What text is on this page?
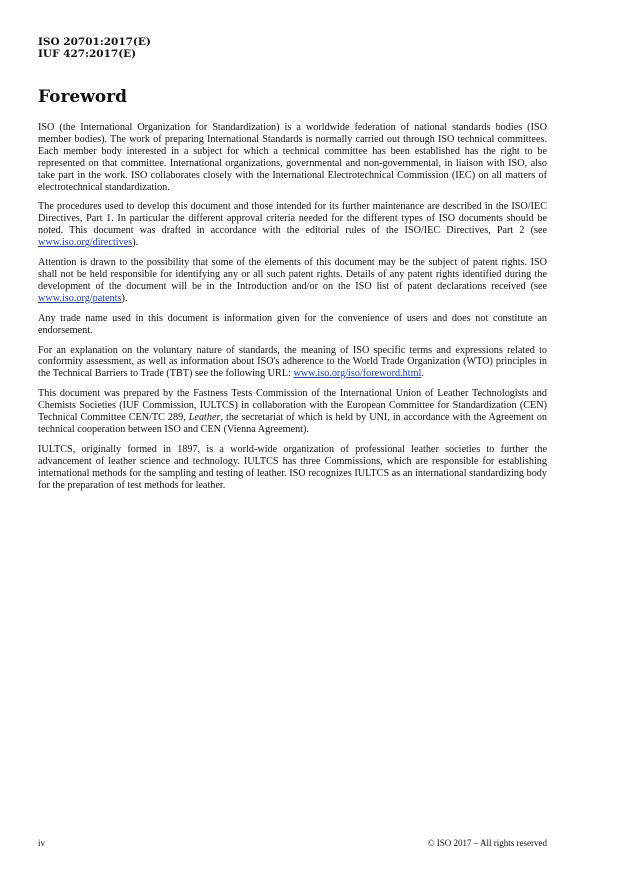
ISO 20701:2017(E)
IUF 427:2017(E)
Foreword

ISO (the International Organization for Standardization) is a worldwide federation of national standards bodies (ISO member bodies). The work of preparing International Standards is normally carried out through ISO technical committees. Each member body interested in a subject for which a technical committee has been established has the right to be represented on that committee. International organizations, governmental and non-governmental, in liaison with ISO, also take part in the work. ISO collaborates closely with the International Electrotechnical Commission (IEC) on all matters of electrotechnical standardization.

The procedures used to develop this document and those intended for its further maintenance are described in the ISO/IEC Directives, Part 1. In particular the different approval criteria needed for the different types of ISO documents should be noted. This document was drafted in accordance with the editorial rules of the ISO/IEC Directives, Part 2 (see www.iso.org/directives).

Attention is drawn to the possibility that some of the elements of this document may be the subject of patent rights. ISO shall not be held responsible for identifying any or all such patent rights. Details of any patent rights identified during the development of the document will be in the Introduction and/or on the ISO list of patent declarations received (see www.iso.org/patents).

Any trade name used in this document is information given for the convenience of users and does not constitute an endorsement.

For an explanation on the voluntary nature of standards, the meaning of ISO specific terms and expressions related to conformity assessment, as well as information about ISO's adherence to the World Trade Organization (WTO) principles in the Technical Barriers to Trade (TBT) see the following URL: www.iso.org/iso/foreword.html.

This document was prepared by the Fastness Tests Commission of the International Union of Leather Technologists and Chemists Societies (IUF Commission, IULTCS) in collaboration with the European Committee for Standardization (CEN) Technical Committee CEN/TC 289, Leather, the secretariat of which is held by UNI, in accordance with the Agreement on technical cooperation between ISO and CEN (Vienna Agreement).

IULTCS, originally formed in 1897, is a world-wide organization of professional leather societies to further the advancement of leather science and technology. IULTCS has three Commissions, which are responsible for establishing international methods for the sampling and testing of leather. ISO recognizes IULTCS as an international standardizing body for the preparation of test methods for leather.

iv	© ISO 2017 – All rights reserved
